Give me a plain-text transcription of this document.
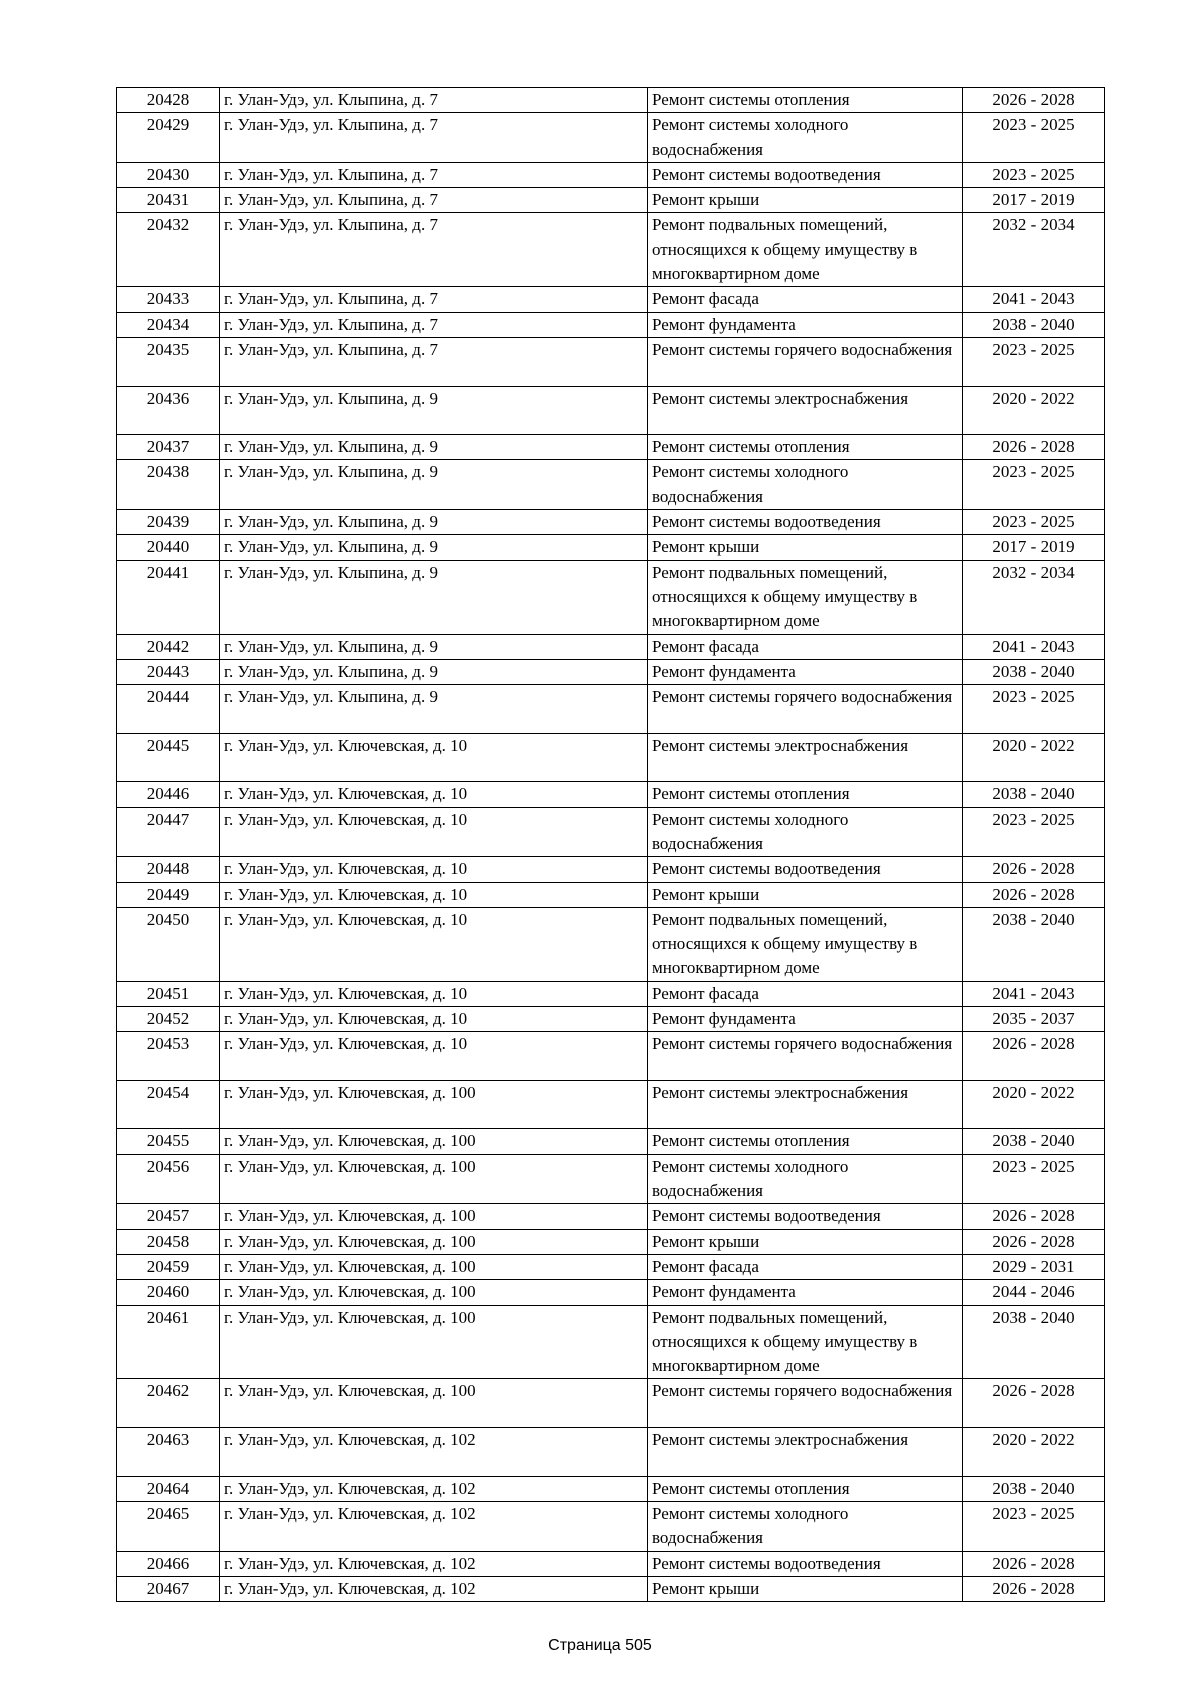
20428	г. Улан-Удэ, ул. Клыпина, д. 7	Ремонт системы отопления	2026 - 2028
20429	г. Улан-Удэ, ул. Клыпина, д. 7	Ремонт системы холодного водоснабжения	2023 - 2025
20430	г. Улан-Удэ, ул. Клыпина, д. 7	Ремонт системы водоотведения	2023 - 2025
20431	г. Улан-Удэ, ул. Клыпина, д. 7	Ремонт крыши	2017 - 2019
20432	г. Улан-Удэ, ул. Клыпина, д. 7	Ремонт подвальных помещений, относящихся к общему имуществу в многоквартирном доме	2032 - 2034
20433	г. Улан-Удэ, ул. Клыпина, д. 7	Ремонт фасада	2041 - 2043
20434	г. Улан-Удэ, ул. Клыпина, д. 7	Ремонт фундамента	2038 - 2040
20435	г. Улан-Удэ, ул. Клыпина, д. 7	Ремонт системы горячего водоснабжения	2023 - 2025
20436	г. Улан-Удэ, ул. Клыпина, д. 9	Ремонт системы электроснабжения	2020 - 2022
20437	г. Улан-Удэ, ул. Клыпина, д. 9	Ремонт системы отопления	2026 - 2028
20438	г. Улан-Удэ, ул. Клыпина, д. 9	Ремонт системы холодного водоснабжения	2023 - 2025
20439	г. Улан-Удэ, ул. Клыпина, д. 9	Ремонт системы водоотведения	2023 - 2025
20440	г. Улан-Удэ, ул. Клыпина, д. 9	Ремонт крыши	2017 - 2019
20441	г. Улан-Удэ, ул. Клыпина, д. 9	Ремонт подвальных помещений, относящихся к общему имуществу в многоквартирном доме	2032 - 2034
20442	г. Улан-Удэ, ул. Клыпина, д. 9	Ремонт фасада	2041 - 2043
20443	г. Улан-Удэ, ул. Клыпина, д. 9	Ремонт фундамента	2038 - 2040
20444	г. Улан-Удэ, ул. Клыпина, д. 9	Ремонт системы горячего водоснабжения	2023 - 2025
20445	г. Улан-Удэ, ул. Ключевская, д. 10	Ремонт системы электроснабжения	2020 - 2022
20446	г. Улан-Удэ, ул. Ключевская, д. 10	Ремонт системы отопления	2038 - 2040
20447	г. Улан-Удэ, ул. Ключевская, д. 10	Ремонт системы холодного водоснабжения	2023 - 2025
20448	г. Улан-Удэ, ул. Ключевская, д. 10	Ремонт системы водоотведения	2026 - 2028
20449	г. Улан-Удэ, ул. Ключевская, д. 10	Ремонт крыши	2026 - 2028
20450	г. Улан-Удэ, ул. Ключевская, д. 10	Ремонт подвальных помещений, относящихся к общему имуществу в многоквартирном доме	2038 - 2040
20451	г. Улан-Удэ, ул. Ключевская, д. 10	Ремонт фасада	2041 - 2043
20452	г. Улан-Удэ, ул. Ключевская, д. 10	Ремонт фундамента	2035 - 2037
20453	г. Улан-Удэ, ул. Ключевская, д. 10	Ремонт системы горячего водоснабжения	2026 - 2028
20454	г. Улан-Удэ, ул. Ключевская, д. 100	Ремонт системы электроснабжения	2020 - 2022
20455	г. Улан-Удэ, ул. Ключевская, д. 100	Ремонт системы отопления	2038 - 2040
20456	г. Улан-Удэ, ул. Ключевская, д. 100	Ремонт системы холодного водоснабжения	2023 - 2025
20457	г. Улан-Удэ, ул. Ключевская, д. 100	Ремонт системы водоотведения	2026 - 2028
20458	г. Улан-Удэ, ул. Ключевская, д. 100	Ремонт крыши	2026 - 2028
20459	г. Улан-Удэ, ул. Ключевская, д. 100	Ремонт фасада	2029 - 2031
20460	г. Улан-Удэ, ул. Ключевская, д. 100	Ремонт фундамента	2044 - 2046
20461	г. Улан-Удэ, ул. Ключевская, д. 100	Ремонт подвальных помещений, относящихся к общему имуществу в многоквартирном доме	2038 - 2040
20462	г. Улан-Удэ, ул. Ключевская, д. 100	Ремонт системы горячего водоснабжения	2026 - 2028
20463	г. Улан-Удэ, ул. Ключевская, д. 102	Ремонт системы электроснабжения	2020 - 2022
20464	г. Улан-Удэ, ул. Ключевская, д. 102	Ремонт системы отопления	2038 - 2040
20465	г. Улан-Удэ, ул. Ключевская, д. 102	Ремонт системы холодного водоснабжения	2023 - 2025
20466	г. Улан-Удэ, ул. Ключевская, д. 102	Ремонт системы водоотведения	2026 - 2028
20467	г. Улан-Удэ, ул. Ключевская, д. 102	Ремонт крыши	2026 - 2028
Страница 505
